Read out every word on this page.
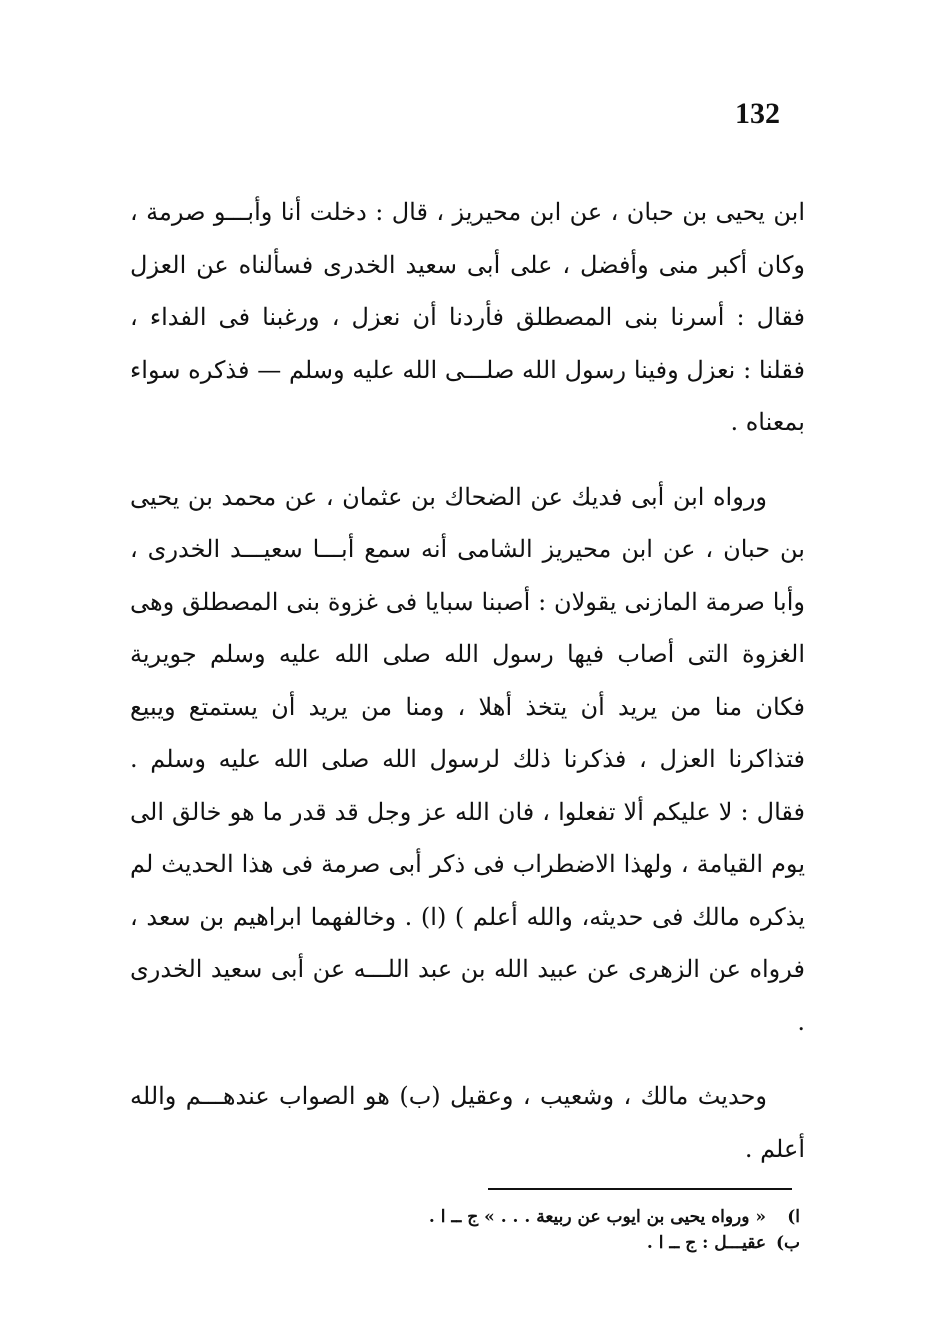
132

ابن يحيى بن حبان ، عن ابن محيريز ، قال : دخلت أنا وأبـــو صرمة ، وكان أكبر منى وأفضل ، على أبى سعيد الخدرى فسألناه عن العزل فقال : أسرنا بنى المصطلق فأردنا أن نعزل ، ورغبنا فى الفداء ، فقلنا : نعزل وفينا رسول الله صلـــى الله عليه وسلم — فذكره سواء بمعناه .

ورواه ابن أبى فديك عن الضحاك بن عثمان ، عن محمد بن يحيى بن حبان ، عن ابن محيريز الشامى أنه سمع أبـــا سعيـــد الخدرى ، وأبا صرمة المازنى يقولان : أصبنا سبايا فى غزوة بنى المصطلق وهى الغزوة التى أصاب فيها رسول الله صلى الله عليه وسلم جويرية فكان منا من يريد أن يتخذ أهلا ، ومنا من يريد أن يستمتع ويبيع فتذاكرنا العزل ، فذكرنا ذلك لرسول الله صلى الله عليه وسلم . فقال : لا عليكم ألا تفعلوا ، فان الله عز وجل قد قدر ما هو خالق الى يوم القيامة ، ولهذا الاضطراب فى ذكر أبى صرمة فى هذا الحديث لم يذكره مالك فى حديثه، والله أعلم ) (ا) . وخالفهما ابراهيم بن سعد ، فرواه عن الزهرى عن عبيد الله بن عبد اللـــه عن أبى سعيد الخدرى .

وحديث مالك ، وشعيب ، وعقيل (ب) هو الصواب عندهـــم والله أعلم .

ا)
« ورواه يحيى بن ايوب عن ربيعة . . . » ج ــ ا .
ب)
عقيـــل : ج ــ ا .
